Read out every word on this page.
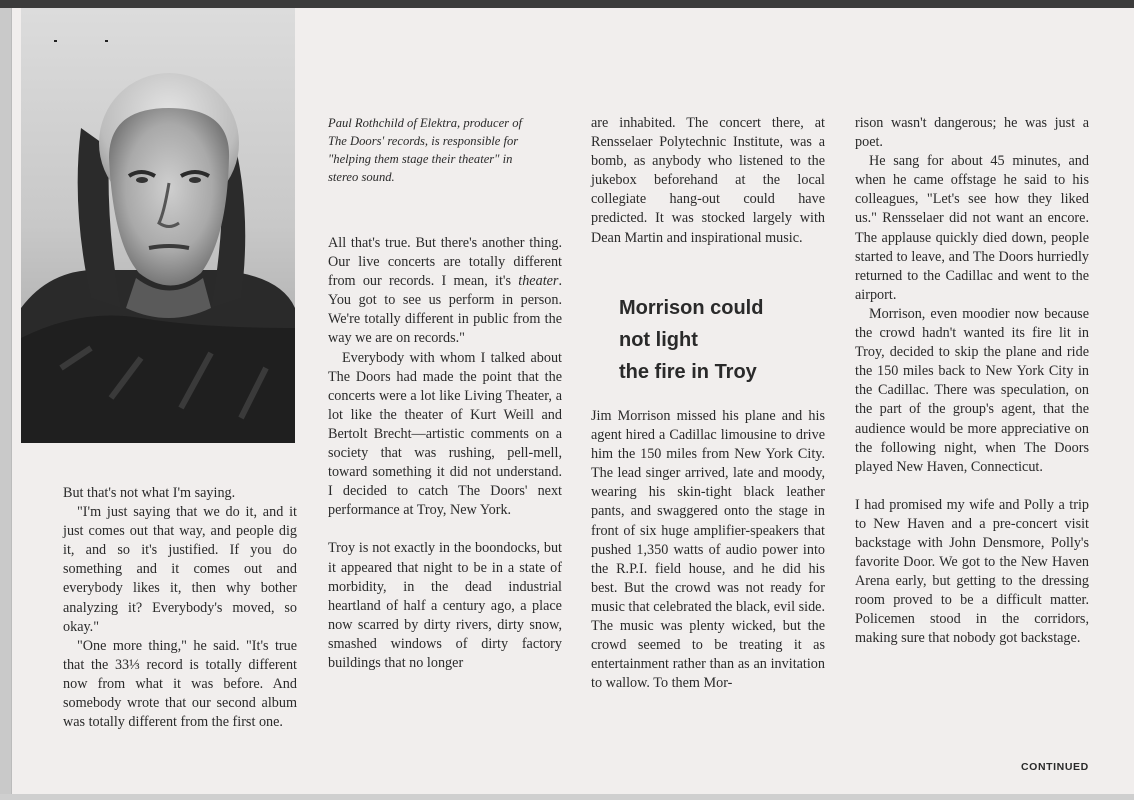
But that's not what I'm saying.

"I'm just saying that we do it, and it just comes out that way, and people dig it, and so it's justified. If you do something and it comes out and everybody likes it, then why bother analyzing it? Everybody's moved, so okay."

"One more thing," he said. "It's true that the 33⅓ record is totally different now from what it was before. And somebody wrote that our second album was totally different from the first one.

Paul Rothchild of Elektra, producer of The Doors' records, is responsible for "helping them stage their theater" in stereo sound.

All that's true. But there's another thing. Our live concerts are totally different from our records. I mean, it's theater. You got to see us perform in person. We're totally different in public from the way we are on records."

Everybody with whom I talked about The Doors had made the point that the concerts were a lot like Living Theater, a lot like the theater of Kurt Weill and Bertolt Brecht—artistic comments on a society that was rushing, pell-mell, toward something it did not understand. I decided to catch The Doors' next performance at Troy, New York.

Troy is not exactly in the boondocks, but it appeared that night to be in a state of morbidity, in the dead industrial heartland of half a century ago, a place now scarred by dirty rivers, dirty snow, smashed windows of dirty factory buildings that no longer

are inhabited. The concert there, at Rensselaer Polytechnic Institute, was a bomb, as anybody who listened to the jukebox beforehand at the local collegiate hang-out could have predicted. It was stocked largely with Dean Martin and inspirational music.

Morrison could
not light
the fire in Troy

Jim Morrison missed his plane and his agent hired a Cadillac limousine to drive him the 150 miles from New York City. The lead singer arrived, late and moody, wearing his skin-tight black leather pants, and swaggered onto the stage in front of six huge amplifier-speakers that pushed 1,350 watts of audio power into the R.P.I. field house, and he did his best. But the crowd was not ready for music that celebrated the black, evil side. The music was plenty wicked, but the crowd seemed to be treating it as entertainment rather than as an invitation to wallow. To them Mor-

rison wasn't dangerous; he was just a poet.

He sang for about 45 minutes, and when he came offstage he said to his colleagues, "Let's see how they liked us." Rensselaer did not want an encore. The applause quickly died down, people started to leave, and The Doors hurriedly returned to the Cadillac and went to the airport.

Morrison, even moodier now because the crowd hadn't wanted its fire lit in Troy, decided to skip the plane and ride the 150 miles back to New York City in the Cadillac. There was speculation, on the part of the group's agent, that the audience would be more appreciative on the following night, when The Doors played New Haven, Connecticut.

I had promised my wife and Polly a trip to New Haven and a pre-concert visit backstage with John Densmore, Polly's favorite Door. We got to the New Haven Arena early, but getting to the dressing room proved to be a difficult matter. Policemen stood in the corridors, making sure that nobody got backstage.

CONTINUED
